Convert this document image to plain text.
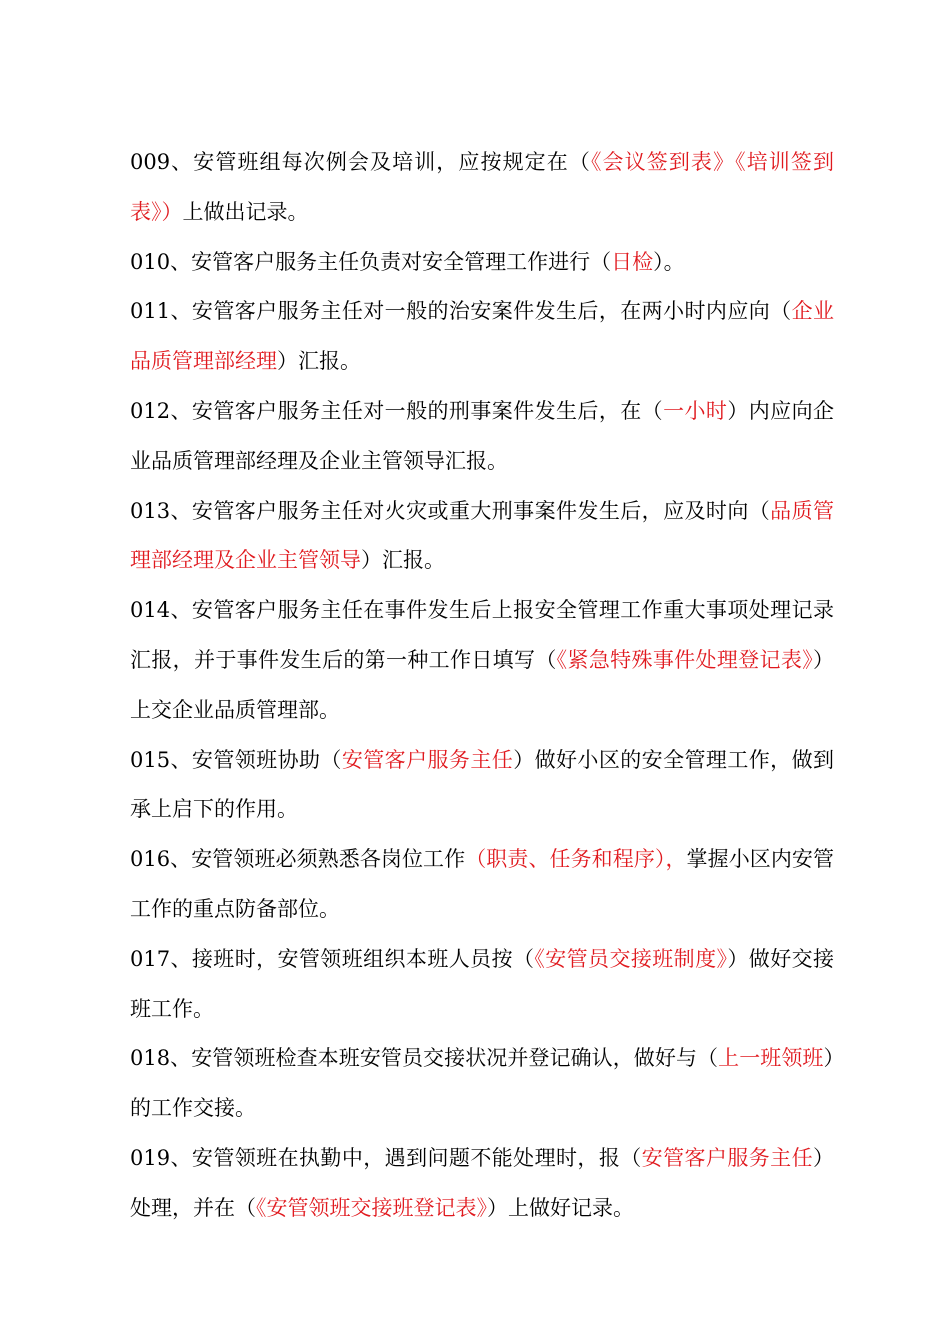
009、安管班组每次例会及培训，应按规定在（《会议签到表》《培训签到表》）上做出记录。

010、安管客户服务主任负责对安全管理工作进行（日检）。

011、安管客户服务主任对一般的治安案件发生后，在两小时内应向（企业品质管理部经理）汇报。

012、安管客户服务主任对一般的刑事案件发生后，在（一小时）内应向企业品质管理部经理及企业主管领导汇报。

013、安管客户服务主任对火灾或重大刑事案件发生后，应及时向（品质管理部经理及企业主管领导）汇报。

014、安管客户服务主任在事件发生后上报安全管理工作重大事项处理记录汇报，并于事件发生后的第一种工作日填写（《紧急特殊事件处理登记表》）上交企业品质管理部。

015、安管领班协助（安管客户服务主任）做好小区的安全管理工作，做到承上启下的作用。

016、安管领班必须熟悉各岗位工作（职责、任务和程序），掌握小区内安管工作的重点防备部位。

017、接班时，安管领班组织本班人员按（《安管员交接班制度》）做好交接班工作。

018、安管领班检查本班安管员交接状况并登记确认，做好与（上一班领班）的工作交接。

019、安管领班在执勤中，遇到问题不能处理时，报（安管客户服务主任）处理，并在（《安管领班交接班登记表》）上做好记录。
